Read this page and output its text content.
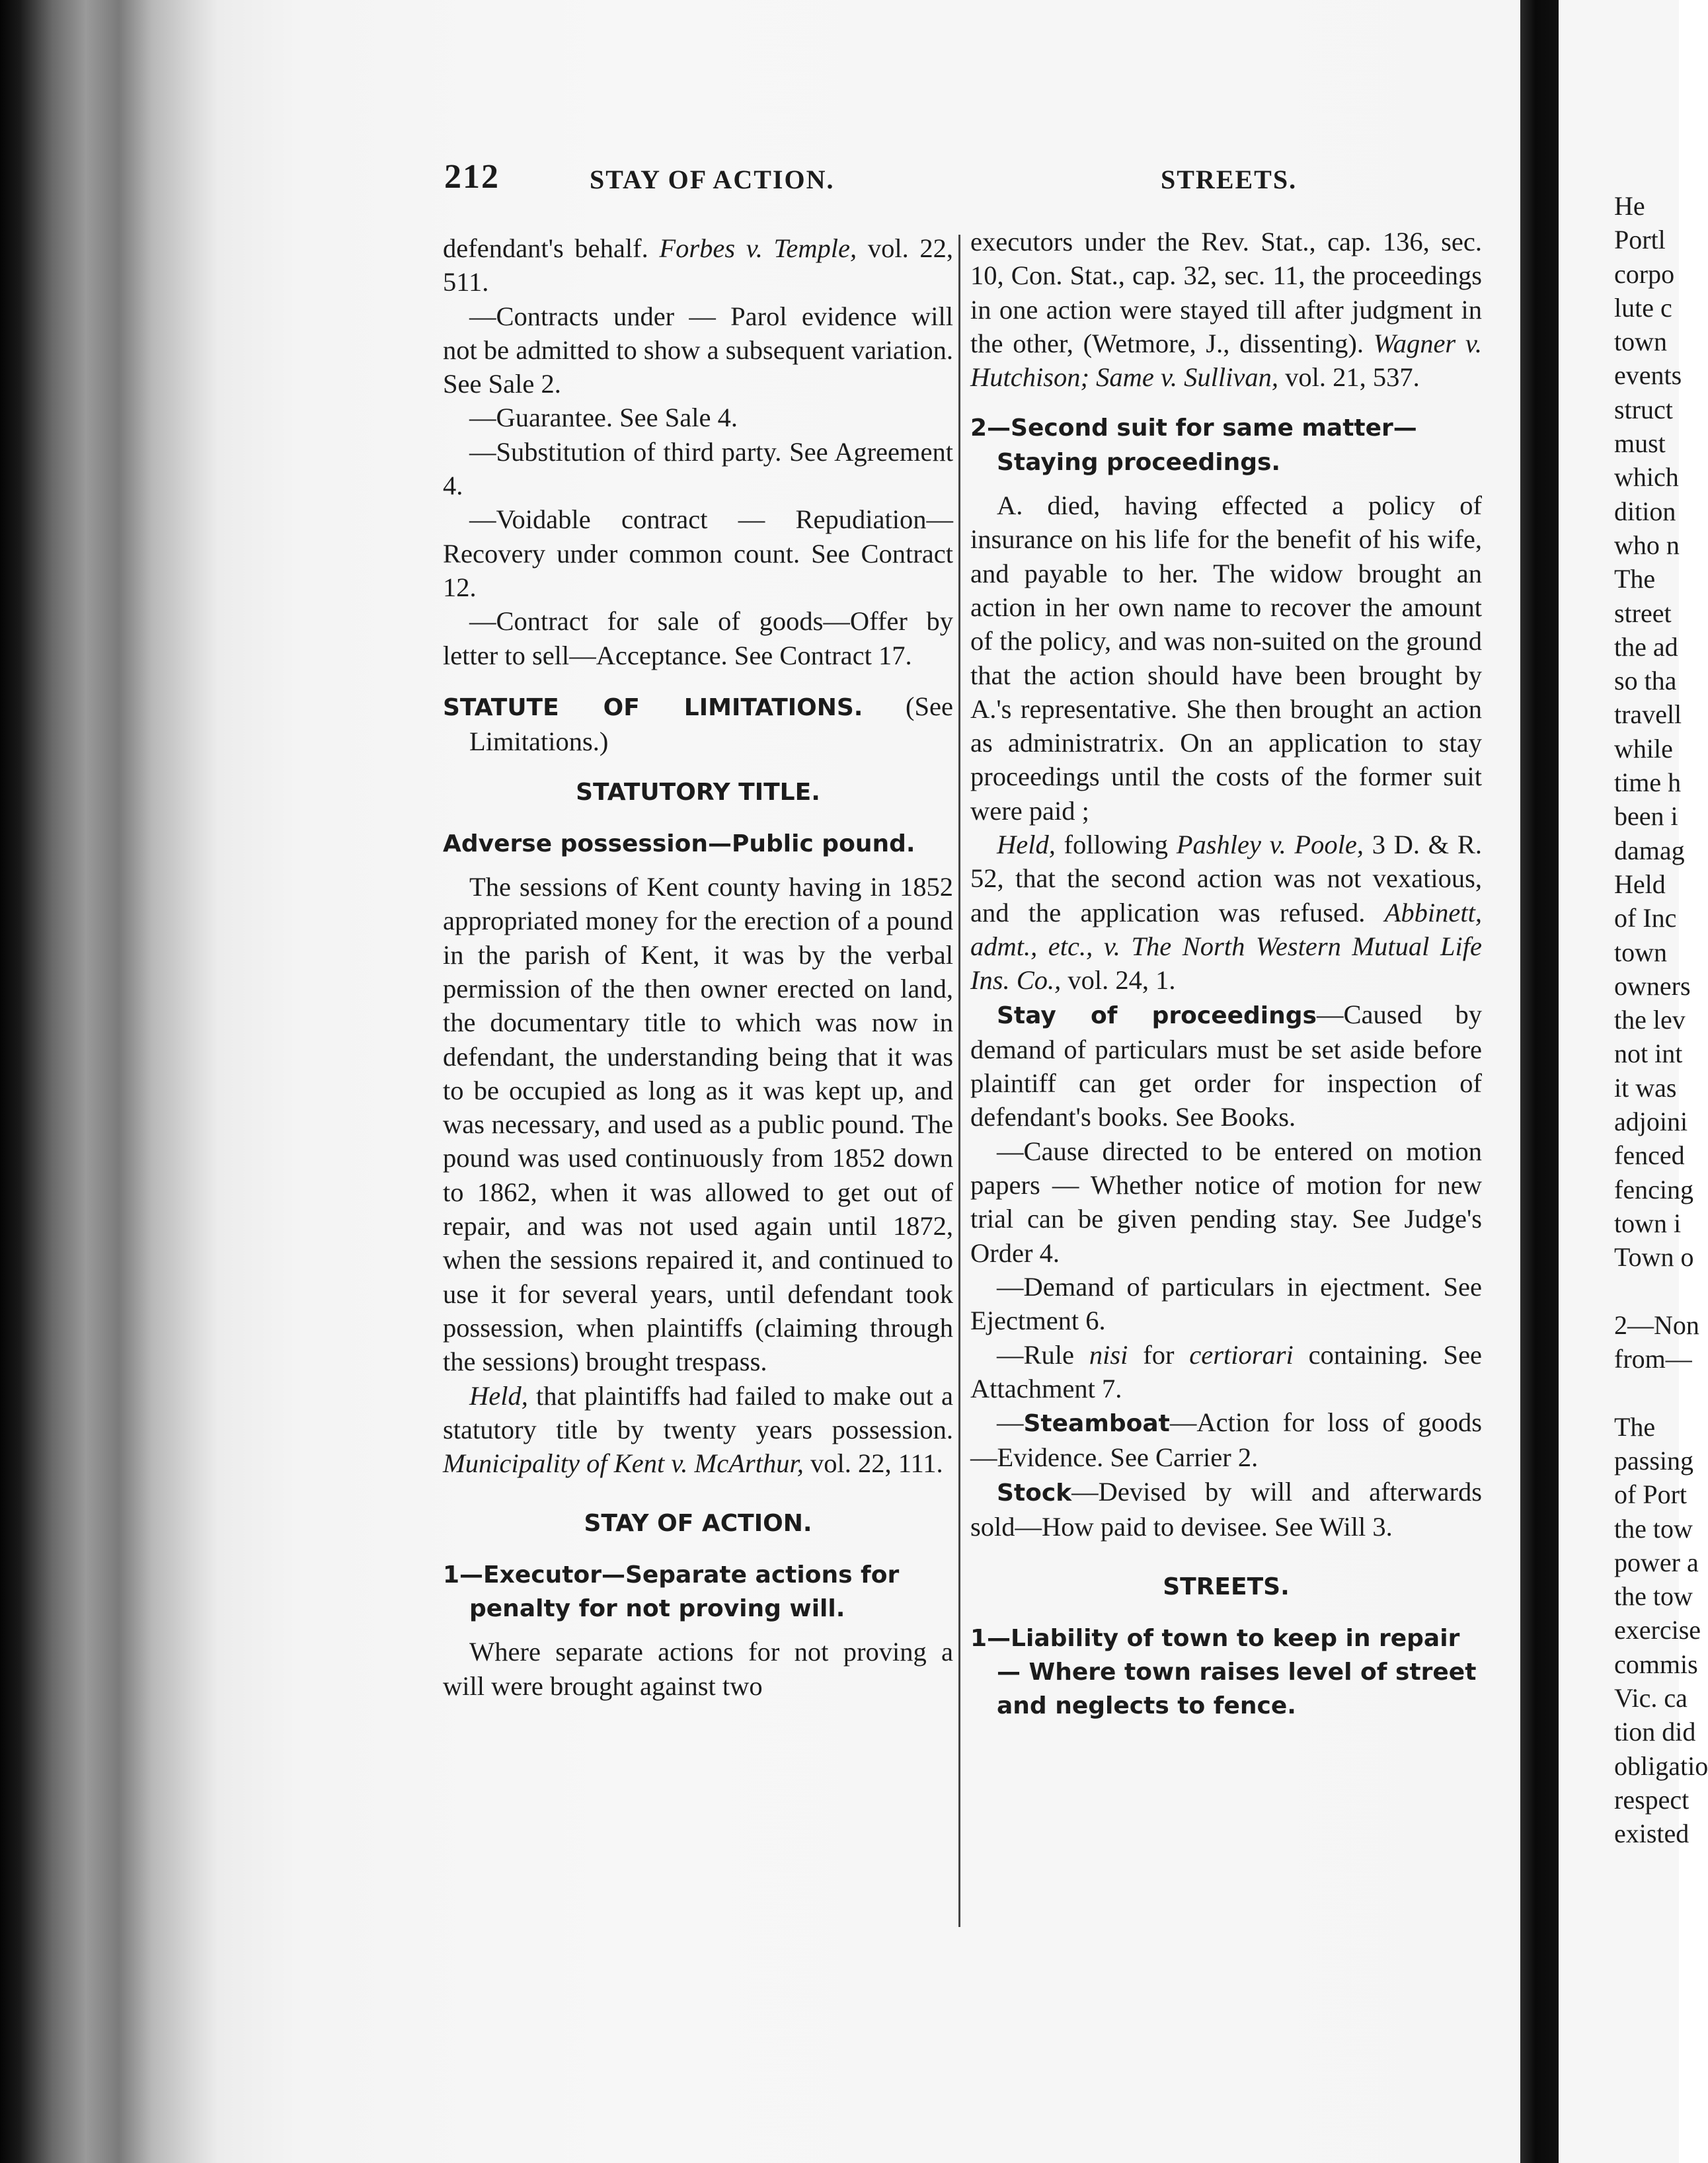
He
Portl
corpo
lute c
town
events
struct
must
which
dition
who n
The
street
the ad
so tha
travell
while
time h
been i
damag
Held
of Inc
town
owners
the lev
not int
it was
adjoini
fenced
fencing
town i
Town o
2—Non
from—
The
passing
of Port
the tow
power a
the tow
exercise
commis
Vic. ca
tion did
obligatio
respect
existed
212	STAY OF ACTION.	STREETS.

defendant's behalf. Forbes v. Temple, vol. 22, 511.

—Contracts under — Parol evidence will not be admitted to show a subsequent variation. See Sale 2.

—Guarantee. See Sale 4.

—Substitution of third party. See Agreement 4.

—Voidable contract — Repudiation— Recovery under common count. See Contract 12.

—Contract for sale of goods—Offer by letter to sell—Acceptance. See Contract 17.

STATUTE OF LIMITATIONS. (See Limitations.)

STATUTORY TITLE.

Adverse possession—Public pound.

The sessions of Kent county having in 1852 appropriated money for the erection of a pound in the parish of Kent, it was by the verbal permission of the then owner erected on land, the documentary title to which was now in defendant, the understanding being that it was to be occupied as long as it was kept up, and was necessary, and used as a public pound. The pound was used continuously from 1852 down to 1862, when it was allowed to get out of repair, and was not used again until 1872, when the sessions repaired it, and continued to use it for several years, until defendant took possession, when plaintiffs (claiming through the sessions) brought trespass.

Held, that plaintiffs had failed to make out a statutory title by twenty years possession. Municipality of Kent v. McArthur, vol. 22, 111.

STAY OF ACTION.

1—Executor—Separate actions for penalty for not proving will.

Where separate actions for not proving a will were brought against two

executors under the Rev. Stat., cap. 136, sec. 10, Con. Stat., cap. 32, sec. 11, the proceedings in one action were stayed till after judgment in the other, (Wetmore, J., dissenting). Wagner v. Hutchison; Same v. Sullivan, vol. 21, 537.

2—Second suit for same matter—Staying proceedings.

A. died, having effected a policy of insurance on his life for the benefit of his wife, and payable to her. The widow brought an action in her own name to recover the amount of the policy, and was non-suited on the ground that the action should have been brought by A.'s representative. She then brought an action as administratrix. On an application to stay proceedings until the costs of the former suit were paid ;

Held, following Pashley v. Poole, 3 D. & R. 52, that the second action was not vexatious, and the application was refused. Abbinett, admt., etc., v. The North Western Mutual Life Ins. Co., vol. 24, 1.

Stay of proceedings—Caused by demand of particulars must be set aside before plaintiff can get order for inspection of defendant's books. See Books.

—Cause directed to be entered on motion papers — Whether notice of motion for new trial can be given pending stay. See Judge's Order 4.

—Demand of particulars in ejectment. See Ejectment 6.

—Rule nisi for certiorari containing. See Attachment 7.

—Steamboat—Action for loss of goods —Evidence. See Carrier 2.

Stock—Devised by will and afterwards sold—How paid to devisee. See Will 3.

STREETS.

1—Liability of town to keep in repair— Where town raises level of street and neglects to fence.
